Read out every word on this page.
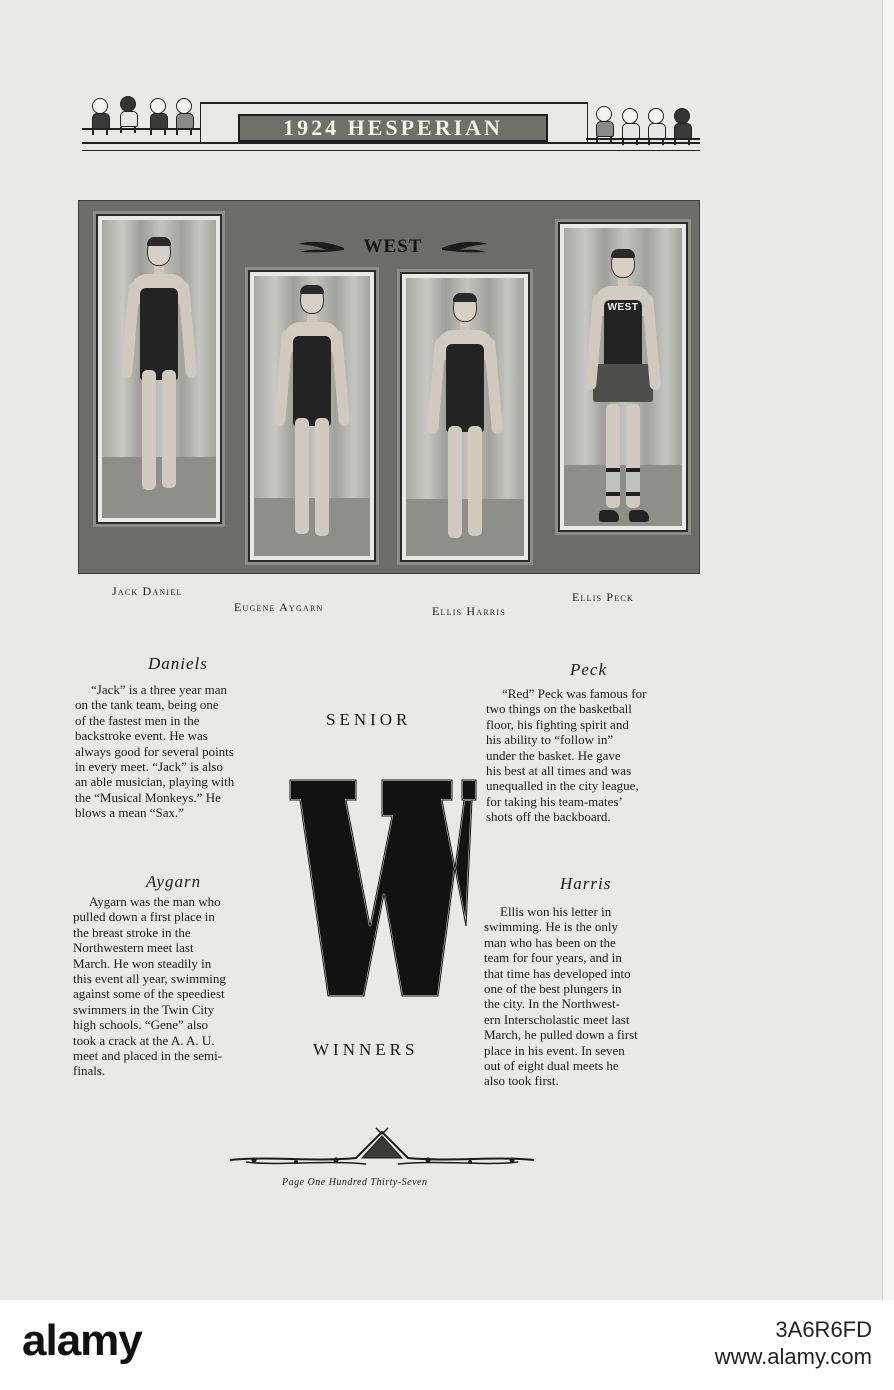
1924 HESPERIAN
WEST
WEST
Jack Daniel
Eugene Aygarn	Ellis Harris
Ellis Peck
Daniels
“Jack” is a three year man
on the tank team, being one
of the fastest men in the
backstroke event. He was
always good for several points
in every meet. “Jack” is also
an able musician, playing with
the “Musical Monkeys.” He
blows a mean “Sax.”
Aygarn
Aygarn was the man who
pulled down a first place in
the breast stroke in the
Northwestern meet last
March. He won steadily in
this event all year, swimming
against some of the speediest
swimmers in the Twin City
high schools. “Gene” also
took a crack at the A. A. U.
meet and placed in the semi-
finals.
SENIOR
WINNERS
Peck
“Red” Peck was famous for
two things on the basketball
floor, his fighting spirit and
his ability to “follow in”
under the basket. He gave
his best at all times and was
unequalled in the city league,
for taking his team-mates’
shots off the backboard.
Harris
Ellis won his letter in
swimming. He is the only
man who has been on the
team for four years, and in
that time has developed into
one of the best plungers in
the city. In the Northwest-
ern Interscholastic meet last
March, he pulled down a first
place in his event. In seven
out of eight dual meets he
also took first.
Page One Hundred Thirty-Seven
alamy	3A6R6FD
www.alamy.com
